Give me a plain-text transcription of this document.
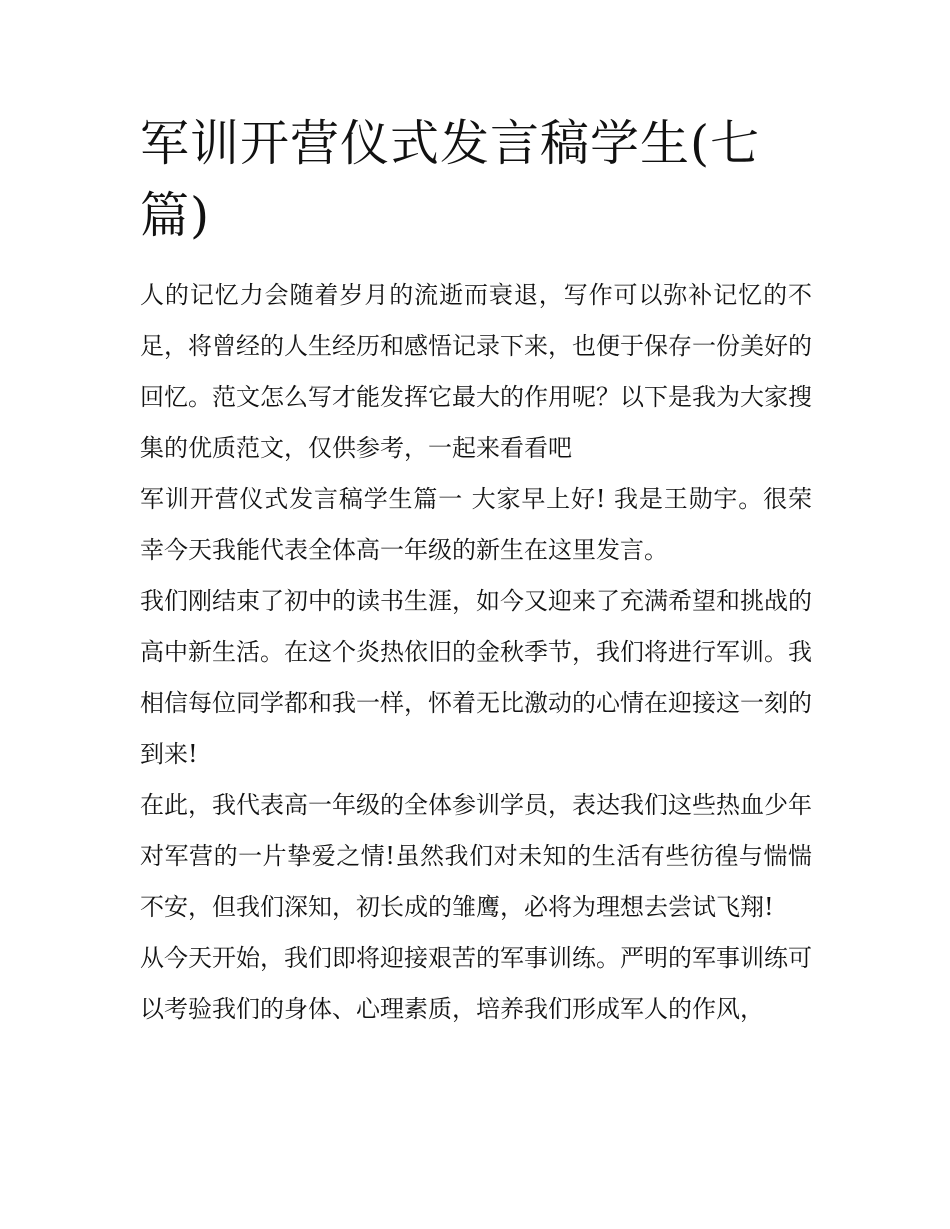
军训开营仪式发言稿学生(七篇)

人的记忆力会随着岁月的流逝而衰退，写作可以弥补记忆的不足，将曾经的人生经历和感悟记录下来，也便于保存一份美好的回忆。范文怎么写才能发挥它最大的作用呢？以下是我为大家搜集的优质范文，仅供参考，一起来看看吧

军训开营仪式发言稿学生篇一 大家早上好! 我是王勋宇。很荣幸今天我能代表全体高一年级的新生在这里发言。

我们刚结束了初中的读书生涯，如今又迎来了充满希望和挑战的高中新生活。在这个炎热依旧的金秋季节，我们将进行军训。我相信每位同学都和我一样，怀着无比激动的心情在迎接这一刻的到来!

在此，我代表高一年级的全体参训学员，表达我们这些热血少年对军营的一片挚爱之情!虽然我们对未知的生活有些彷徨与惴惴不安，但我们深知，初长成的雏鹰，必将为理想去尝试飞翔!

从今天开始，我们即将迎接艰苦的军事训练。严明的军事训练可以考验我们的身体、心理素质，培养我们形成军人的作风，
